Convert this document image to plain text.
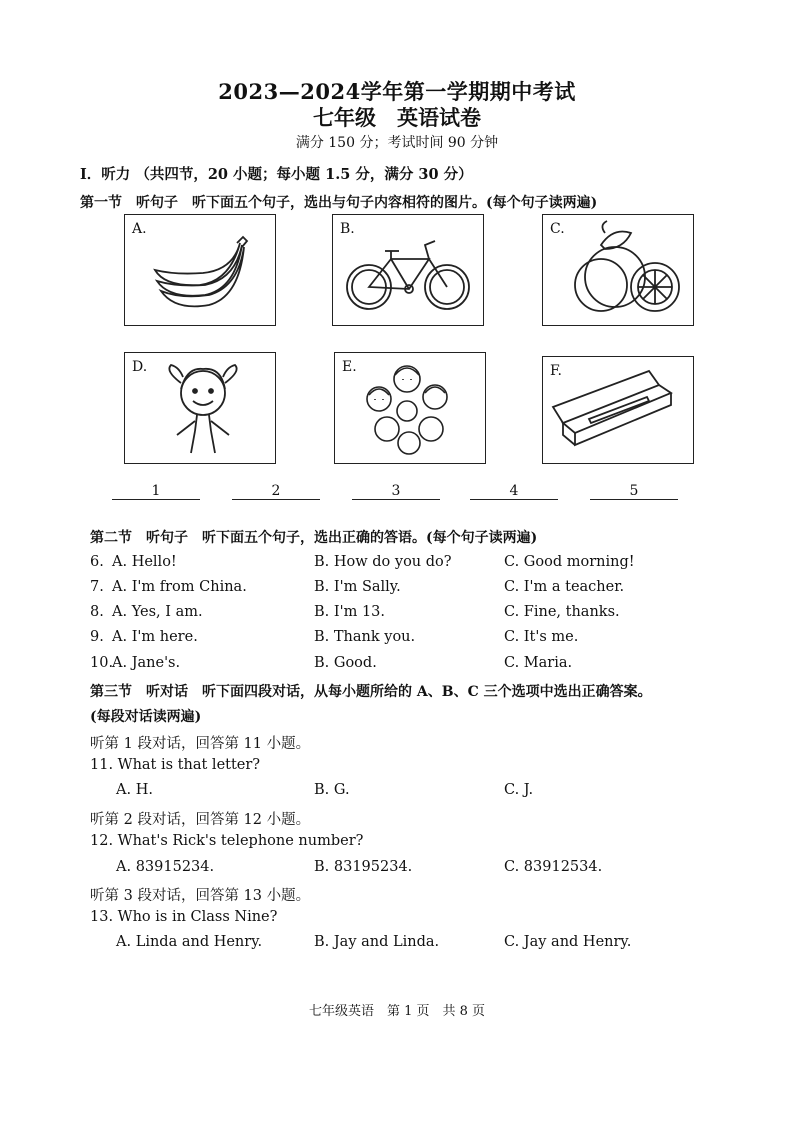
2023—2024学年第一学期期中考试
七年级　英语试卷
满分 150 分；考试时间 90 分钟
I．听力 （共四节，20 小题；每小题 1.5 分，满分 30 分）
第一节　听句子　听下面五个句子，选出与句子内容相符的图片。(每个句子读两遍)
A.	B.	C.
D.	E.	F.
1	2	3	4	5
第二节　听句子　听下面五个句子，选出正确的答语。(每个句子读两遍)
6. A. Hello!	B. How do you do?	C. Good morning!
7. A. I'm from China.	B. I'm Sally.	C. I'm a teacher.
8. A. Yes, I am.	B. I'm 13.	C. Fine, thanks.
9. A. I'm here.	B. Thank you.	C. It's me.
10.
A. Jane's.	B. Good.	C. Maria.
第三节　听对话　听下面四段对话，从每小题所给的 A、B、C 三个选项中选出正确答案。
(每段对话读两遍)
听第 1 段对话，回答第 11 小题。
11. What is that letter?
A. H.	B. G.	C. J.
听第 2 段对话，回答第 12 小题。
12. What's Rick's telephone number?
A. 83915234.	B. 83195234.	C. 83912534.
听第 3 段对话，回答第 13 小题。
13. Who is in Class Nine?
A. Linda and Henry.	B. Jay and Linda.	C. Jay and Henry.
七年级英语　第 1 页　共 8 页
